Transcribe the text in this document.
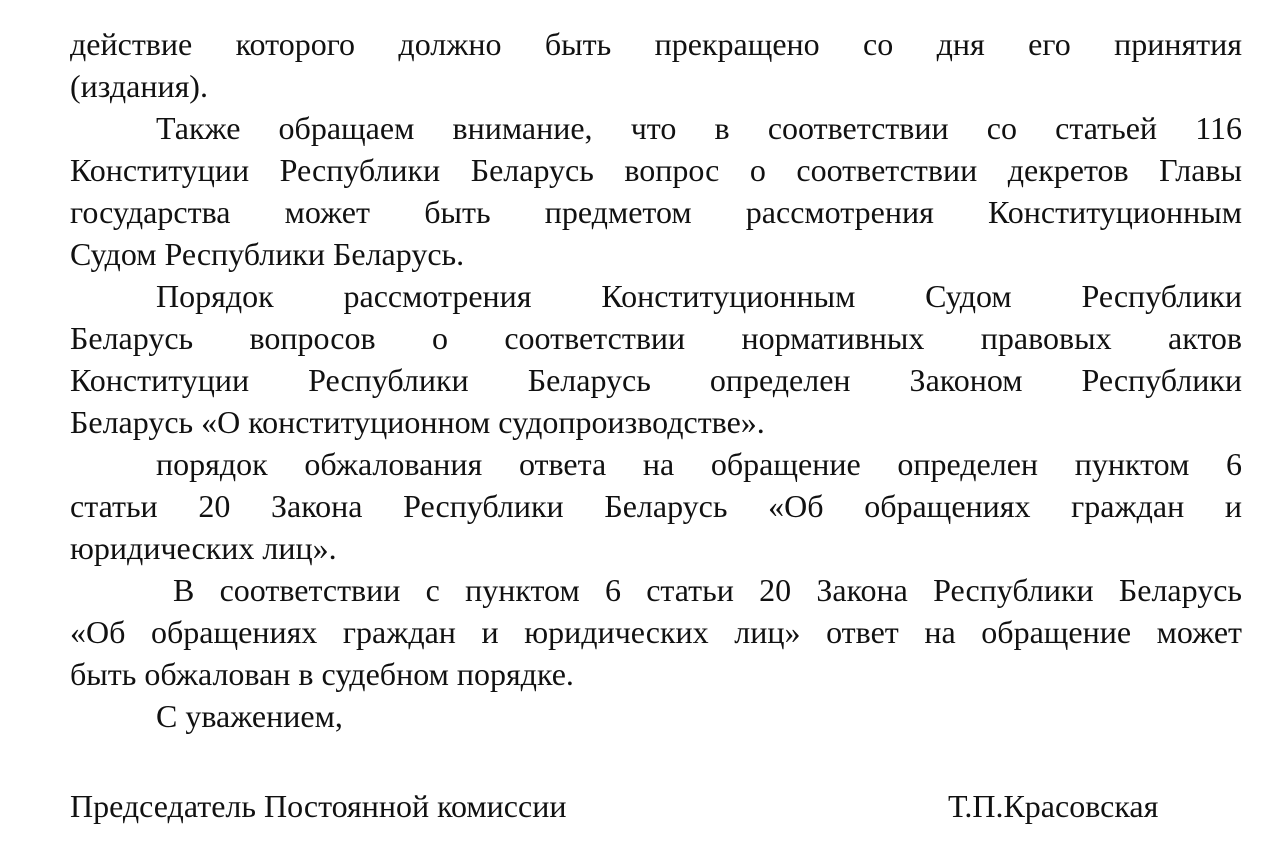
действие которого должно быть прекращено со дня его принятия
(издания).
Также обращаем внимание, что в соответствии со статьей 116
Конституции Республики Беларусь вопрос о соответствии декретов Главы
государства может быть предметом рассмотрения Конституционным
Судом Республики Беларусь.
Порядок рассмотрения Конституционным Судом Республики
Беларусь вопросов о соответствии нормативных правовых актов
Конституции Республики Беларусь определен Законом Республики
Беларусь «О конституционном судопроизводстве».
порядок обжалования ответа на обращение определен пунктом 6
статьи 20 Закона Республики Беларусь «Об обращениях граждан и
юридических лиц».
В соответствии с пунктом 6 статьи 20 Закона Республики Беларусь
«Об обращениях граждан и юридических лиц» ответ на обращение может
быть обжалован в судебном порядке.

С уважением,

Председатель Постоянной комиссии	Т.П.Красовская
